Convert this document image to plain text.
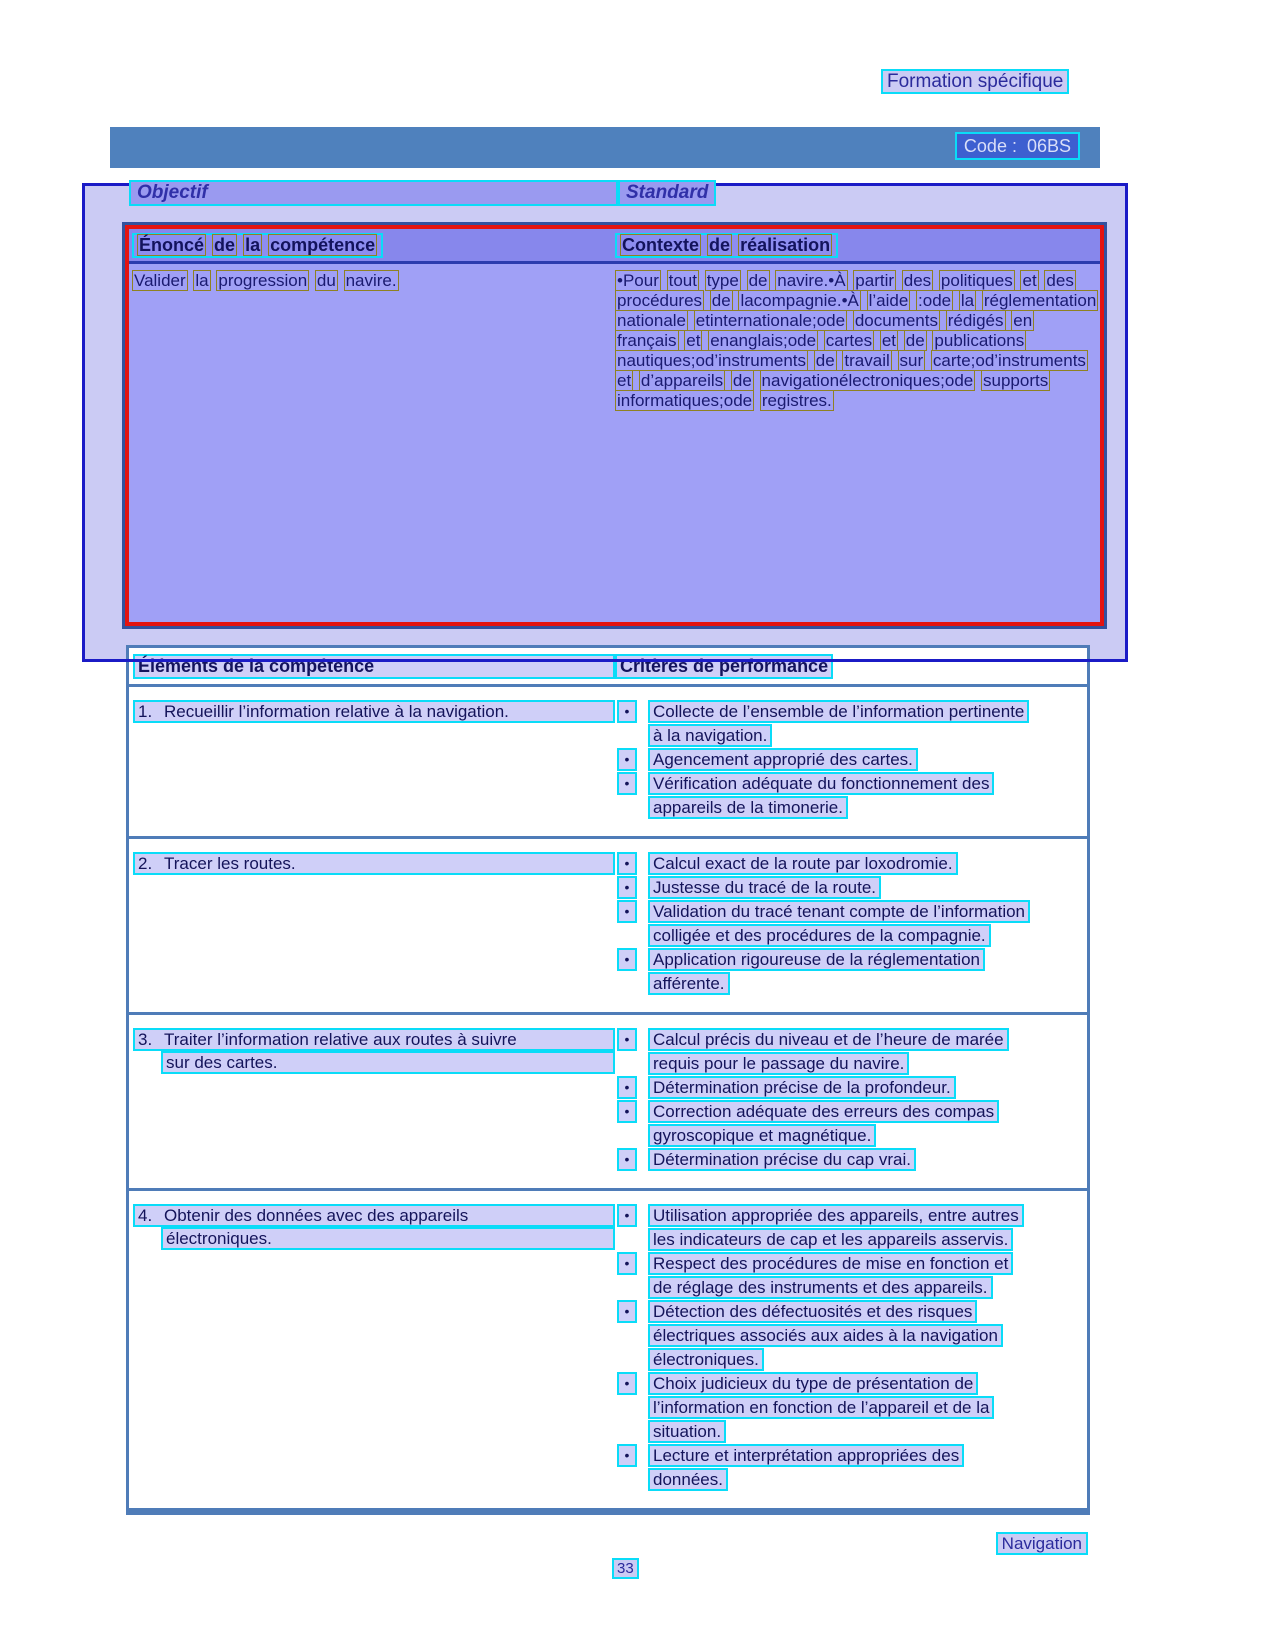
Formation spécifique
Code :  06BS
Objectif	Standard
Énoncé de la compétence	Contexte de réalisation
Valider la progression du navire.	•Pour tout type de navire.•À partir des politiques et des procédures de lacompagnie.•À l’aide :ode la réglementation nationale etinternationale;ode documents rédigés en français et enanglais;ode cartes et de publications nautiques;od’instruments de travail sur carte;od’instruments et d’appareils de navigationélectroniques;ode supports informatiques;ode registres.
Éléments de la compétence	Critères de performance
1. Recueillir l’information relative à la navigation.	•	Collecte de l’ensemble de l’information pertinente
à la navigation.
•	Agencement approprié des cartes.
•	Vérification adéquate du fonctionnement des
appareils de la timonerie.
2. Tracer les routes.	•	Calcul exact de la route par loxodromie.
•	Justesse du tracé de la route.
•	Validation du tracé tenant compte de l’information
colligée et des procédures de la compagnie.
•	Application rigoureuse de la réglementation
afférente.
3. Traiter l’information relative aux routes à suivre
sur des cartes.
•	Calcul précis du niveau et de l’heure de marée
requis pour le passage du navire.
•	Détermination précise de la profondeur.
•	Correction adéquate des erreurs des compas
gyroscopique et magnétique.
•	Détermination précise du cap vrai.
4. Obtenir des données avec des appareils
électroniques.
•	Utilisation appropriée des appareils, entre autres
les indicateurs de cap et les appareils asservis.
•	Respect des procédures de mise en fonction et
de réglage des instruments et des appareils.
•	Détection des défectuosités et des risques
électriques associés aux aides à la navigation
électroniques.
•	Choix judicieux du type de présentation de
l’information en fonction de l’appareil et de la
situation.
•	Lecture et interprétation appropriées des
données.
Navigation
33
